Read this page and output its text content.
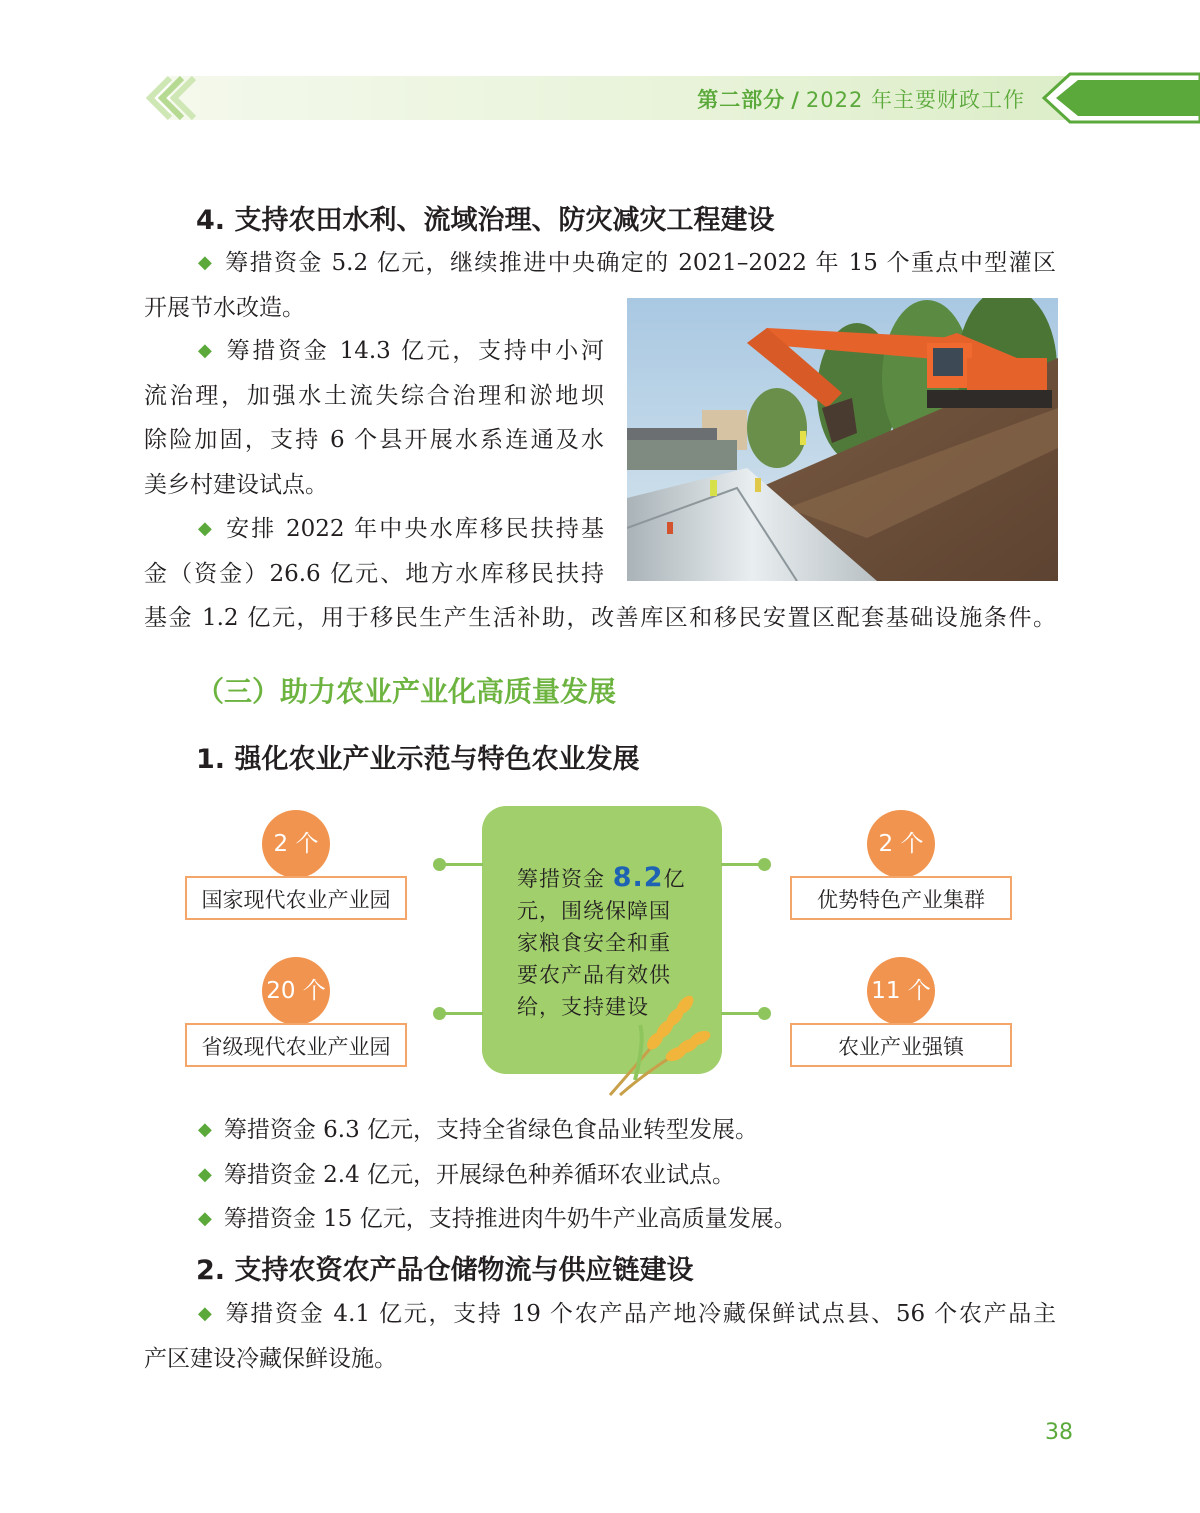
第二部分 / 2022 年主要财政工作
4. 支持农田水利、流域治理、防灾减灾工程建设
◆ 筹措资金 5.2 亿元，继续推进中央确定的 2021–2022 年 15 个重点中型灌区
开展节水改造。
◆ 筹措资金 14.3 亿元，支持中小河
流治理，加强水土流失综合治理和淤地坝
除险加固，支持 6 个县开展水系连通及水
美乡村建设试点。
◆ 安排 2022 年中央水库移民扶持基
金（资金）26.6 亿元、地方水库移民扶持
基金 1.2 亿元，用于移民生产生活补助，改善库区和移民安置区配套基础设施条件。
（三）助力农业产业化高质量发展
1. 强化农业产业示范与特色农业发展
筹措资金 8.2亿元，围绕保障国家粮食安全和重要农产品有效供给，支持建设
2 个
国家现代农业产业园
20 个
省级现代农业产业园
2 个
优势特色产业集群
11 个
农业产业强镇
◆ 筹措资金 6.3 亿元，支持全省绿色食品业转型发展。
◆ 筹措资金 2.4 亿元，开展绿色种养循环农业试点。
◆ 筹措资金 15 亿元，支持推进肉牛奶牛产业高质量发展。
2. 支持农资农产品仓储物流与供应链建设
◆ 筹措资金 4.1 亿元，支持 19 个农产品产地冷藏保鲜试点县、56 个农产品主
产区建设冷藏保鲜设施。
38
